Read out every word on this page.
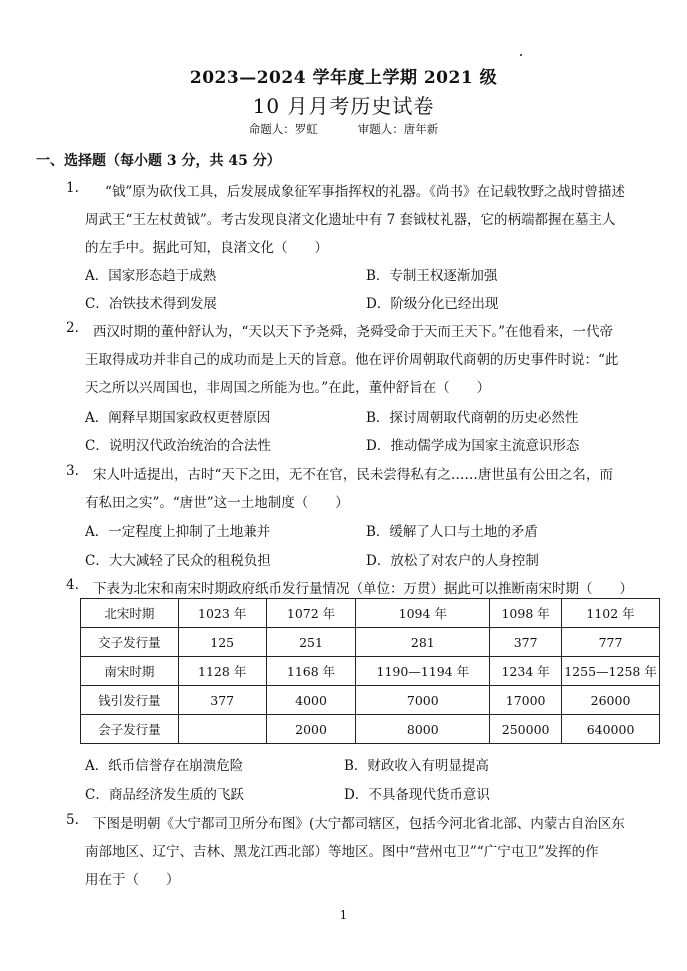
2023—2024 学年度上学期 2021 级
10 月月考历史试卷
命题人：罗虹	审题人：唐年新
一、选择题（每小题 3 分，共 45 分）
1. “钺”原为砍伐工具，后发展成象征军事指挥权的礼器。《尚书》在记载牧野之战时曾描述
周武王“王左杖黄钺”。考古发现良渚文化遗址中有 7 套钺杖礼器，它的柄端都握在墓主人
的左手中。据此可知，良渚文化（　　）
A．国家形态趋于成熟	B．专制王权逐渐加强
C．冶铁技术得到发展	D．阶级分化已经出现
2. 西汉时期的董仲舒认为，“天以天下予尧舜，尧舜受命于天而王天下。”在他看来，一代帝
王取得成功并非自己的成功而是上天的旨意。他在评价周朝取代商朝的历史事件时说：“此
天之所以兴周国也，非周国之所能为也。”在此，董仲舒旨在（　　）
A．阐释早期国家政权更替原因	B．探讨周朝取代商朝的历史必然性
C．说明汉代政治统治的合法性	D．推动儒学成为国家主流意识形态
3. 宋人叶适提出，古时“天下之田，无不在官，民未尝得私有之……唐世虽有公田之名，而
有私田之实”。“唐世”这一土地制度（　　）
A．一定程度上抑制了土地兼并	B．缓解了人口与土地的矛盾
C．大大减轻了民众的租税负担	D．放松了对农户的人身控制
4. 下表为北宋和南宋时期政府纸币发行量情况（单位：万贯）据此可以推断南宋时期（　　）
北宋时期	1023 年	1072 年	1094 年	1098 年	1102 年
交子发行量	125	251	281	377	777
南宋时期	1128 年	1168 年	1190—1194 年	1234 年	1255—1258 年
钱引发行量	377	4000	7000	17000	26000
会子发行量		2000	8000	250000	640000
A．纸币信誉存在崩溃危险	B．财政收入有明显提高
C．商品经济发生质的飞跃	D．不具备现代货币意识
5. 下图是明朝《大宁都司卫所分布图》(大宁都司辖区，包括今河北省北部、内蒙古自治区东
南部地区、辽宁、吉林、黑龙江西北部）等地区。图中“营州屯卫”“广宁屯卫”发挥的作
用在于（　　）
1
